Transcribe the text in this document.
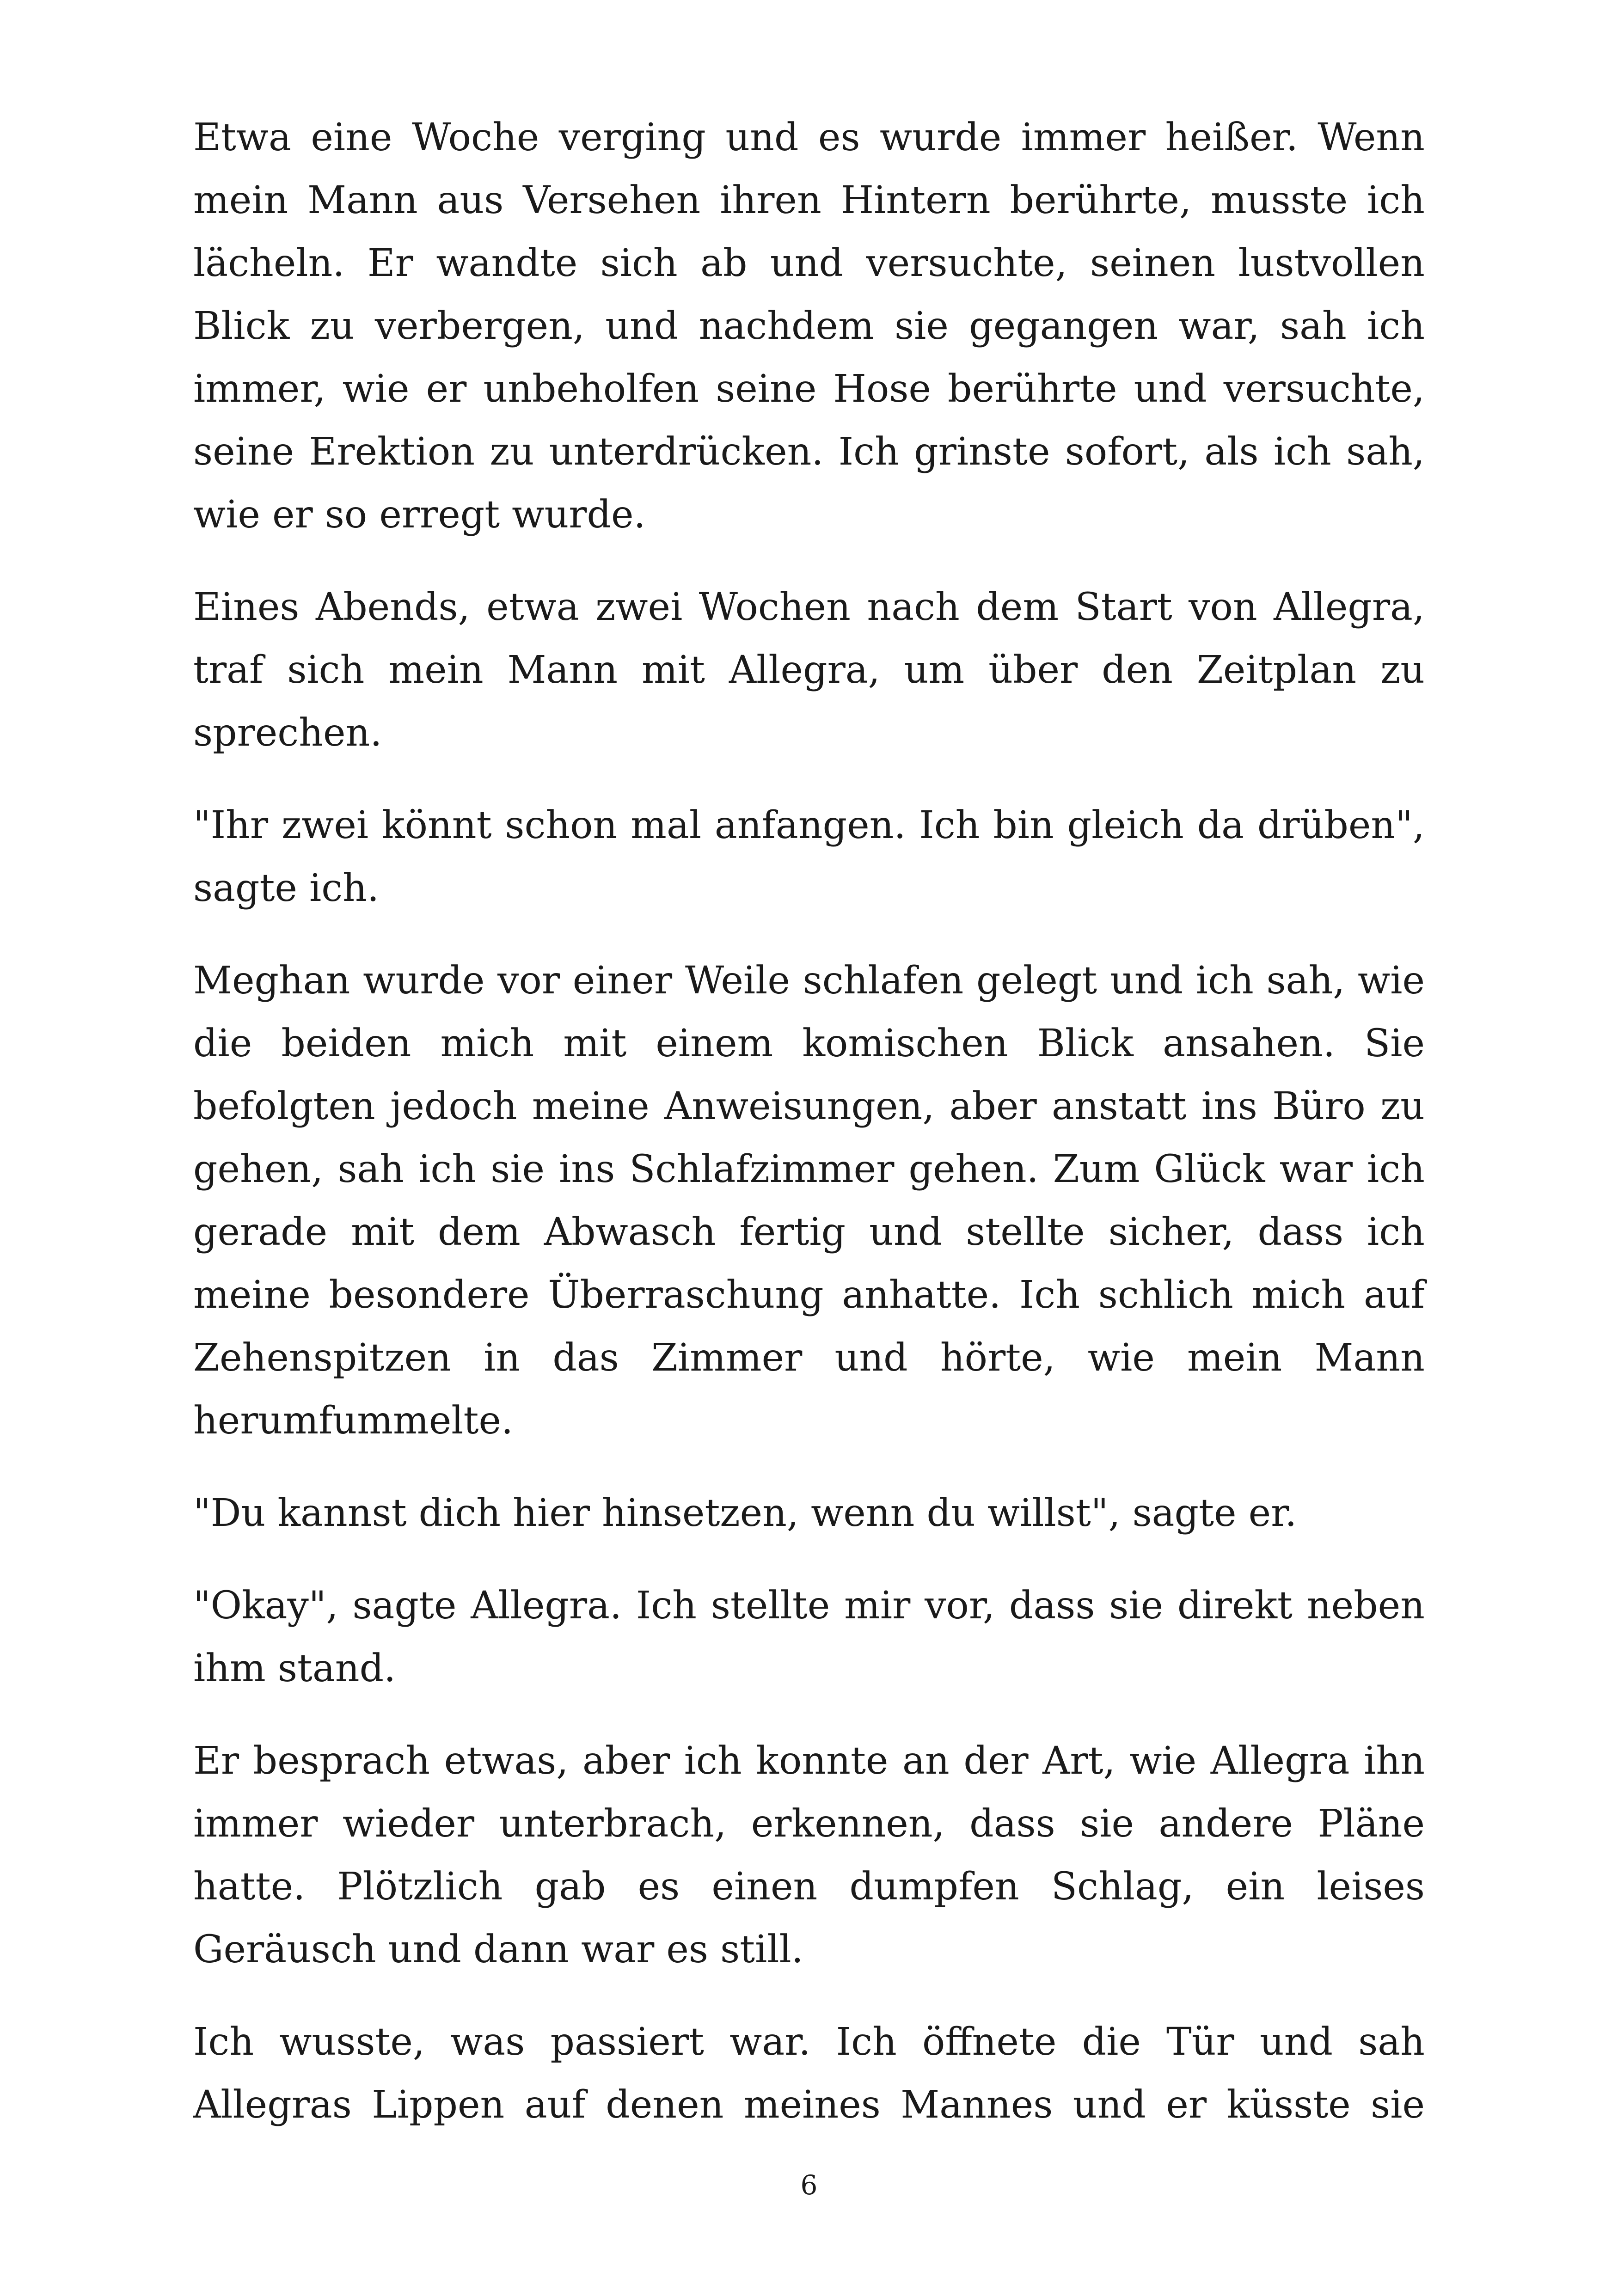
Etwa eine Woche verging und es wurde immer heißer. Wenn mein Mann aus Versehen ihren Hintern berührte, musste ich lächeln. Er wandte sich ab und versuchte, seinen lustvollen Blick zu verbergen, und nachdem sie gegangen war, sah ich immer, wie er unbeholfen seine Hose berührte und versuchte, seine Erektion zu unterdrücken. Ich grinste sofort, als ich sah, wie er so erregt wurde.

Eines Abends, etwa zwei Wochen nach dem Start von Allegra, traf sich mein Mann mit Allegra, um über den Zeitplan zu sprechen.

"Ihr zwei könnt schon mal anfangen. Ich bin gleich da drüben", sagte ich.

Meghan wurde vor einer Weile schlafen gelegt und ich sah, wie die beiden mich mit einem komischen Blick ansahen. Sie befolgten jedoch meine Anweisungen, aber anstatt ins Büro zu gehen, sah ich sie ins Schlafzimmer gehen. Zum Glück war ich gerade mit dem Abwasch fertig und stellte sicher, dass ich meine besondere Überraschung anhatte. Ich schlich mich auf Zehenspitzen in das Zimmer und hörte, wie mein Mann herumfummelte.

"Du kannst dich hier hinsetzen, wenn du willst", sagte er.

"Okay", sagte Allegra. Ich stellte mir vor, dass sie direkt neben ihm stand.

Er besprach etwas, aber ich konnte an der Art, wie Allegra ihn immer wieder unterbrach, erkennen, dass sie andere Pläne hatte. Plötzlich gab es einen dumpfen Schlag, ein leises Geräusch und dann war es still.

Ich wusste, was passiert war. Ich öffnete die Tür und sah Allegras Lippen auf denen meines Mannes und er küsste sie

6
